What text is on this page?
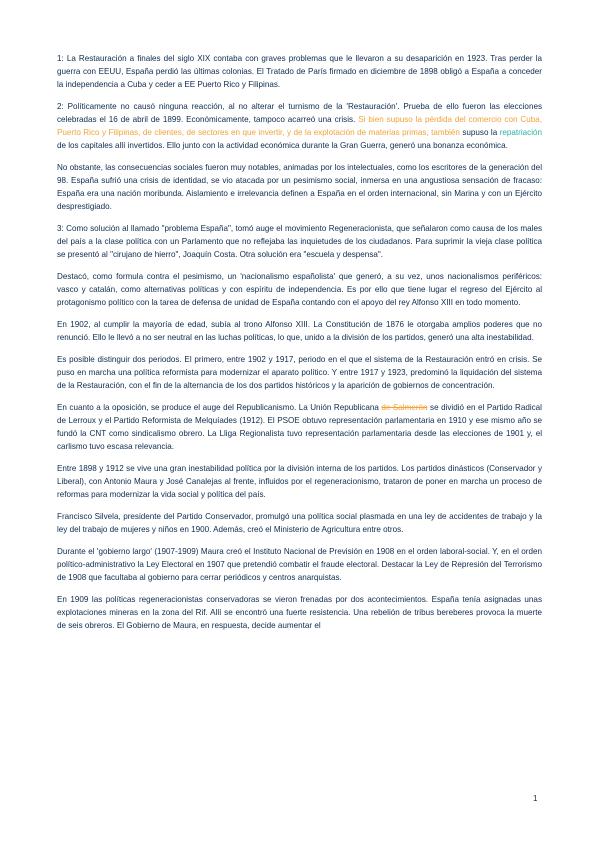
1: La Restauración a finales del siglo XIX contaba con graves problemas que le llevaron a su desaparición en 1923. Tras perder la guerra con EEUU, España perdió las últimas colonias. El Tratado de París firmado en diciembre de 1898 obligó a España a conceder la independencia a Cuba y ceder a EE Puerto Rico y Filipinas.

2: Políticamente no causó ninguna reacción, al no alterar el turnismo de la 'Restauración'. Prueba de ello fueron las elecciones celebradas el 16 de abril de 1899. Económicamente, tampoco acarreó una crisis. Si bien supuso la pérdida del comercio con Cuba, Puerto Rico y Filipinas, de clientes, de sectores en que invertir, y de la explotación de materias primas, también supuso la repatriación de los capitales allí invertidos. Ello junto con la actividad económica durante la Gran Guerra, generó una bonanza económica.

No obstante, las consecuencias sociales fueron muy notables, animadas por los intelectuales, como los escritores de la generación del 98. España sufrió una crisis de identidad, se vio atacada por un pesimismo social, inmersa en una angustiosa sensación de fracaso: España era una nación moribunda. Aislamiento e irrelevancia definen a España en el orden internacional, sin Marina y con un Ejército desprestigiado.

3: Como solución al llamado "problema España", tomó auge el movimiento Regeneracionista, que señalaron como causa de los males del país a la clase política con un Parlamento que no reflejaba las inquietudes de los ciudadanos. Para suprimir la vieja clase política se presentó al "cirujano de hierro", Joaquín Costa. Otra solución era "escuela y despensa".

Destacó, como formula contra el pesimismo, un 'nacionalismo españolista' que generó, a su vez, unos nacionalismos periféricos: vasco y catalán, como alternativas políticas y con espíritu de independencia. Es por ello que tiene lugar el regreso del Ejército al protagonismo político con la tarea de defensa de unidad de España contando con el apoyo del rey Alfonso XIII en todo momento.

En 1902, al cumplir la mayoría de edad, subía al trono Alfonso XIII. La Constitución de 1876 le otorgaba amplios poderes que no renunció. Ello le llevó a no ser neutral en las luchas políticas, lo que, unido a la división de los partidos, generó una alta inestabilidad.

Es posible distinguir dos periodos. El primero, entre 1902 y 1917, periodo en el que el sistema de la Restauración entró en crisis. Se puso en marcha una política reformista para modernizar el aparato político. Y entre 1917 y 1923, predominó la liquidación del sistema de la Restauración, con el fin de la alternancia de los dos partidos históricos y la aparición de gobiernos de concentración.

En cuanto a la oposición, se produce el auge del Republicanismo. La Unión Republicana de Salmerón se dividió en el Partido Radical de Lerroux y el Partido Reformista de Melquíades (1912). El PSOE obtuvo representación parlamentaria en 1910 y ese mismo año se fundó la CNT como sindicalismo obrero. La Lliga Regionalista tuvo representación parlamentaria desde las elecciones de 1901 y, el carlismo tuvo escasa relevancia.

Entre 1898 y 1912 se vive una gran inestabilidad política por la división interna de los partidos. Los partidos dinásticos (Conservador y Liberal), con Antonio Maura y José Canalejas al frente, influidos por el regeneracionismo, trataron de poner en marcha un proceso de reformas para modernizar la vida social y política del país.

Francisco Silvela, presidente del Partido Conservador, promulgó una política social plasmada en una ley de accidentes de trabajo y la ley del trabajo de mujeres y niños en 1900. Además, creó el Ministerio de Agricultura entre otros.

Durante el 'gobierno largo' (1907-1909) Maura creó el Instituto Nacional de Previsión en 1908 en el orden laboral-social. Y, en el orden político-administrativo la Ley Electoral en 1907 que pretendió combatir el fraude electoral. Destacar la Ley de Represión del Terrorismo de 1908 que facultaba al gobierno para cerrar periódicos y centros anarquistas.

En 1909 las políticas regeneracionistas conservadoras se vieron frenadas por dos acontecimientos. España tenía asignadas unas explotaciones mineras en la zona del Rif. Allí se encontró una fuerte resistencia. Una rebelión de tribus bereberes provoca la muerte de seis obreros. El Gobierno de Maura, en respuesta, decide aumentar el

1
